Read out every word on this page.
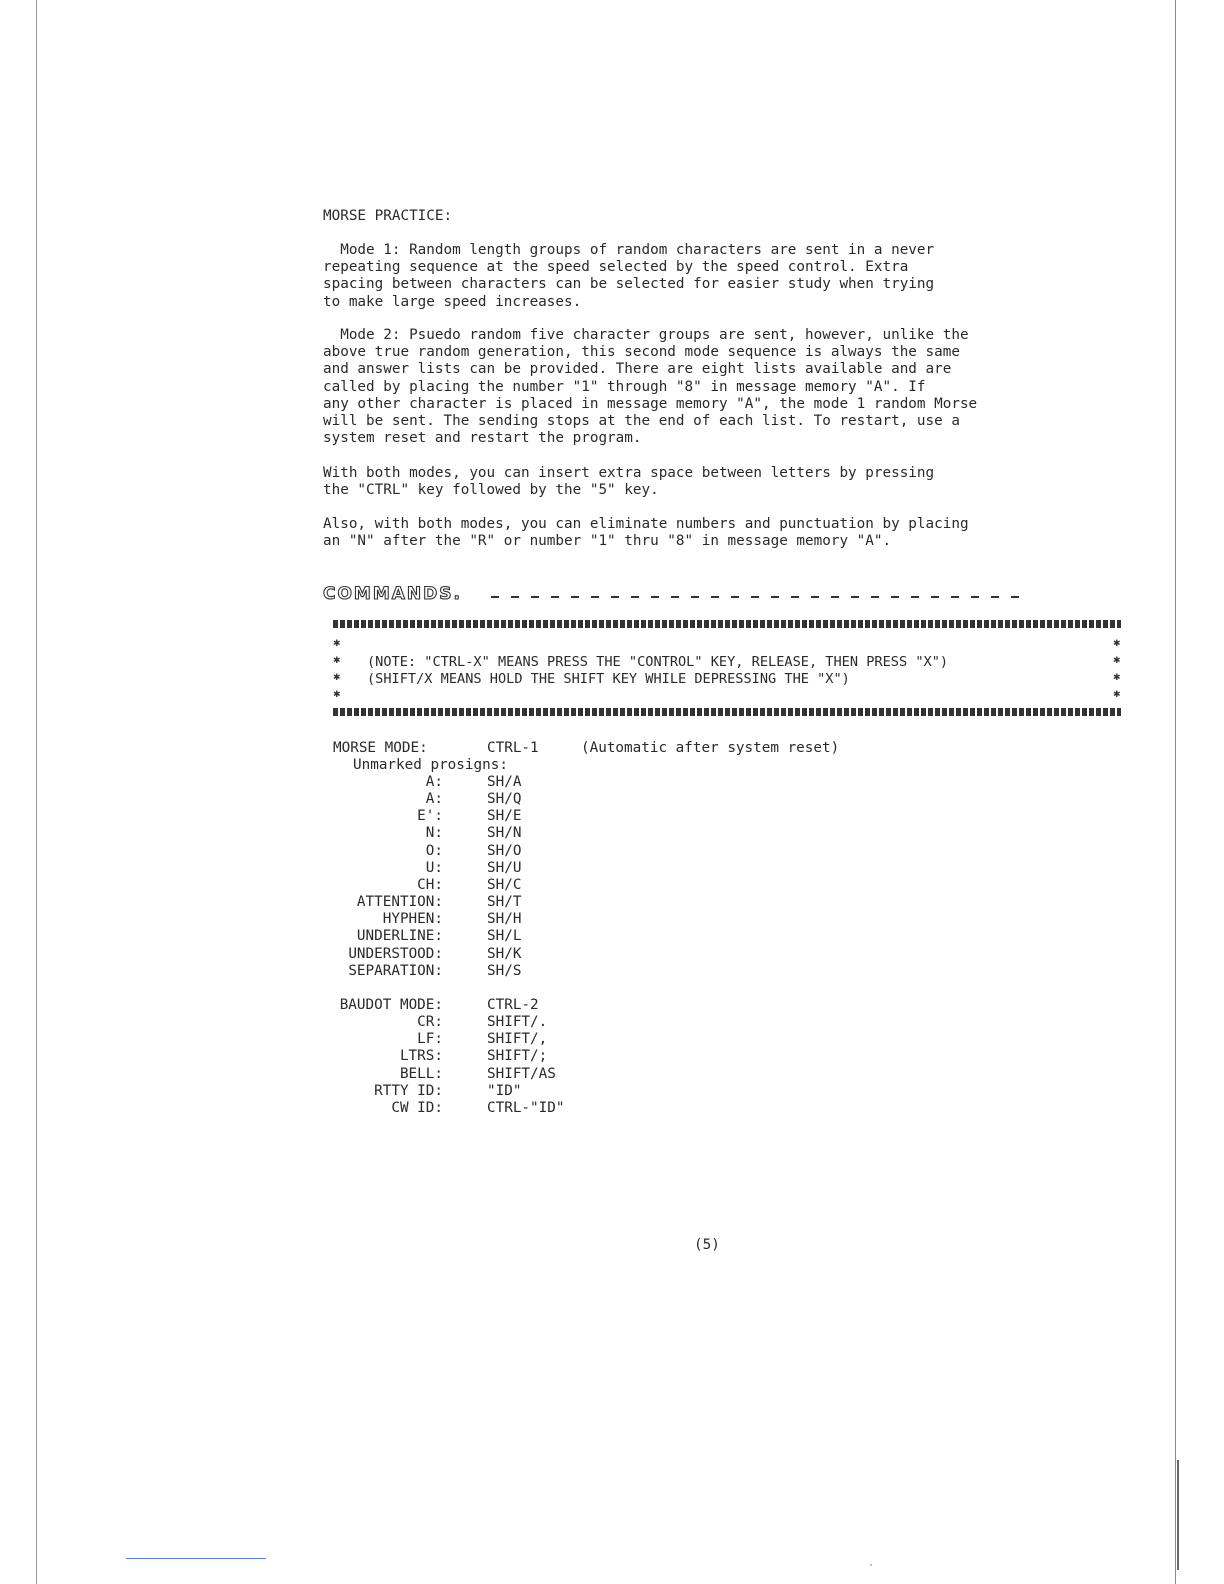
·

MORSE PRACTICE:

Mode 1: Random length groups of random characters are sent in a never
repeating sequence at the speed selected by the speed control. Extra
spacing between characters can be selected for easier study when trying
to make large speed increases.

Mode 2: Psuedo random five character groups are sent, however, unlike the
above true random generation, this second mode sequence is always the same
and answer lists can be provided. There are eight lists available and are
called by placing the number "1" through "8" in message memory "A". If
any other character is placed in message memory "A", the mode 1 random Morse
will be sent. The sending stops at the end of each list. To restart, use a
system reset and restart the program.

With both modes, you can insert extra space between letters by pressing
the "CTRL" key followed by the "5" key.

Also, with both modes, you can eliminate numbers and punctuation by placing
an "N" after the "R" or number "1" thru "8" in message memory "A".

COMMANDS.
✱
✱
✱
✱
✱
✱
✱
✱

(NOTE: "CTRL-X" MEANS PRESS THE "CONTROL" KEY, RELEASE, THEN PRESS "X")

(SHIFT/X MEANS HOLD THE SHIFT KEY WHILE DEPRESSING THE "X")

MORSE MODE:	CTRL-1	(Automatic after system reset)
Unmarked prosigns:
A:	SH/A
A:	SH/Q
E':	SH/E
N:	SH/N
O:	SH/O
U:	SH/U
CH:	SH/C
ATTENTION:	SH/T
HYPHEN:	SH/H
UNDERLINE:	SH/L
UNDERSTOOD:	SH/K
SEPARATION:	SH/S
BAUDOT MODE:	CTRL-2
CR:	SHIFT/.
LF:	SHIFT/,
LTRS:	SHIFT/;
BELL:	SHIFT/AS
RTTY ID:	"ID"
CW ID:	CTRL-"ID"
(5)
